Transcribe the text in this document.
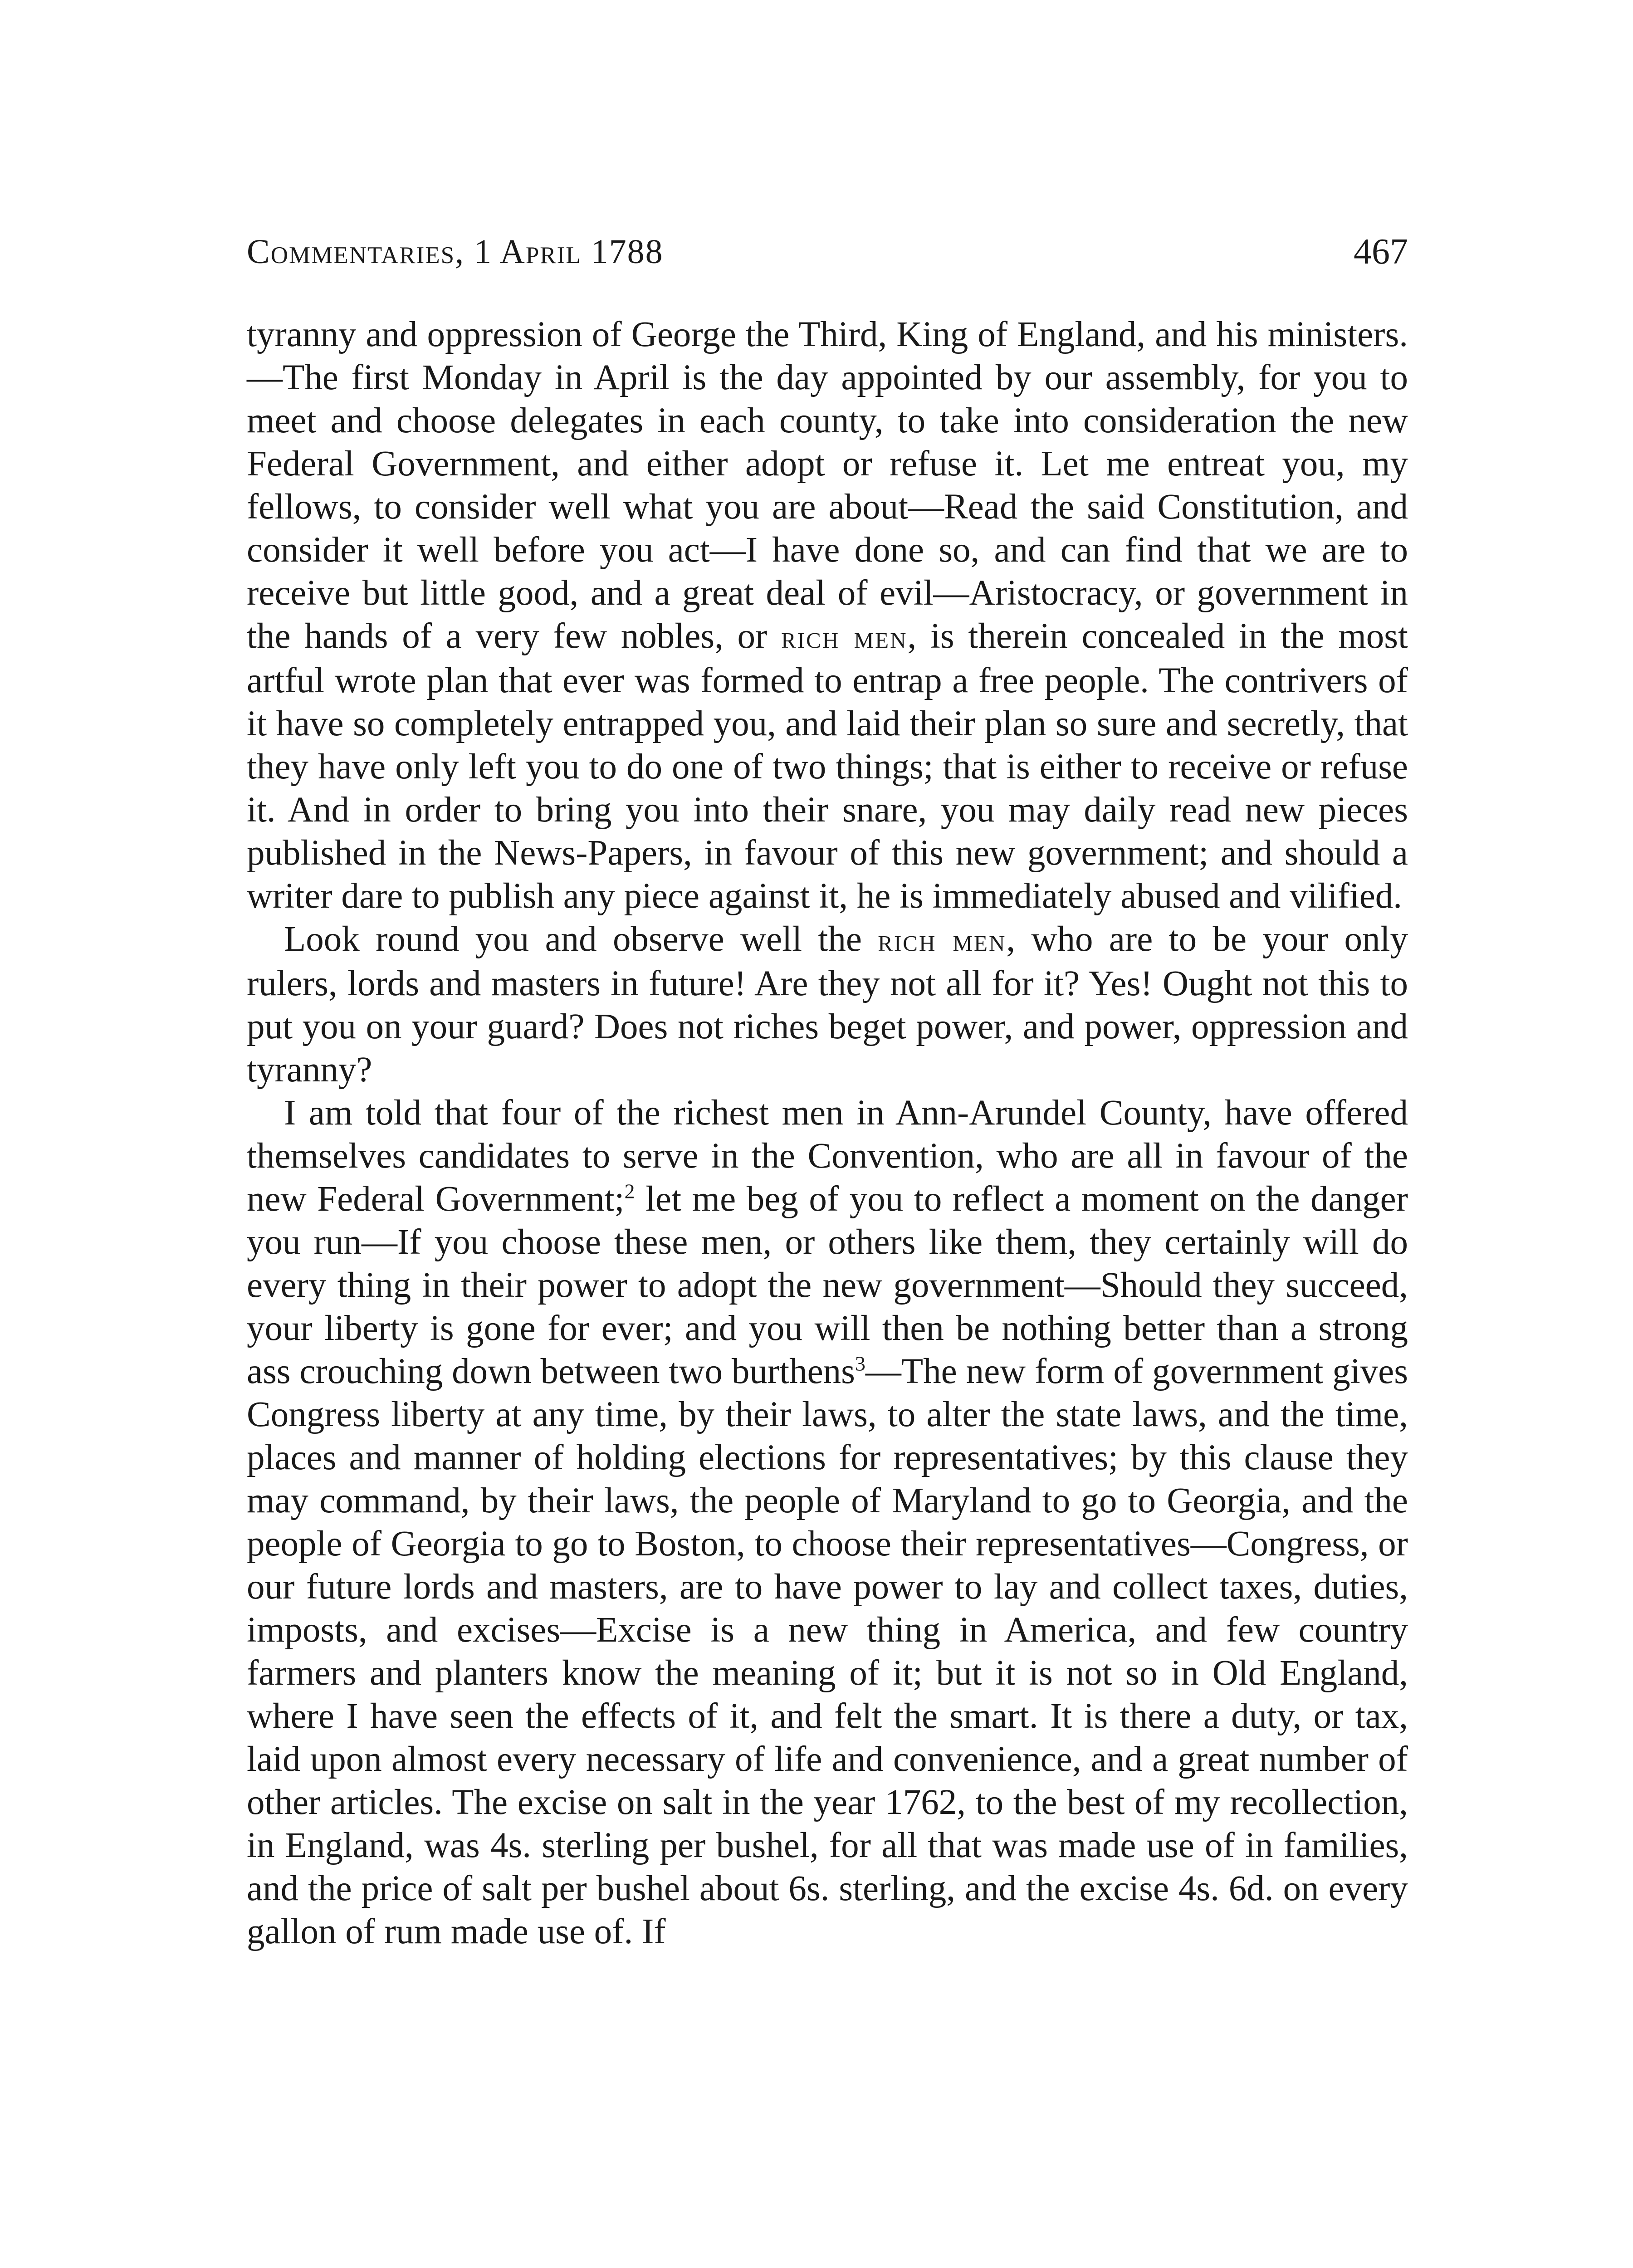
Commentaries, 1 April 1788	467

tyranny and oppression of George the Third, King of England, and his ministers.—The first Monday in April is the day appointed by our assembly, for you to meet and choose delegates in each county, to take into consideration the new Federal Government, and either adopt or refuse it. Let me entreat you, my fellows, to consider well what you are about—Read the said Constitution, and consider it well before you act—I have done so, and can find that we are to receive but little good, and a great deal of evil—Aristocracy, or government in the hands of a very few nobles, or rich men, is therein concealed in the most artful wrote plan that ever was formed to entrap a free people. The contrivers of it have so completely entrapped you, and laid their plan so sure and secretly, that they have only left you to do one of two things; that is either to receive or refuse it. And in order to bring you into their snare, you may daily read new pieces published in the News-Papers, in favour of this new government; and should a writer dare to publish any piece against it, he is immediately abused and vilified.

Look round you and observe well the rich men, who are to be your only rulers, lords and masters in future! Are they not all for it? Yes! Ought not this to put you on your guard? Does not riches beget power, and power, oppression and tyranny?

I am told that four of the richest men in Ann-Arundel County, have offered themselves candidates to serve in the Convention, who are all in favour of the new Federal Government;$^2$ let me beg of you to reflect a moment on the danger you run—If you choose these men, or others like them, they certainly will do every thing in their power to adopt the new government—Should they succeed, your liberty is gone for ever; and you will then be nothing better than a strong ass crouching down between two burthens$^3$—The new form of government gives Congress liberty at any time, by their laws, to alter the state laws, and the time, places and manner of holding elections for representatives; by this clause they may command, by their laws, the people of Maryland to go to Georgia, and the people of Georgia to go to Boston, to choose their representatives—Congress, or our future lords and masters, are to have power to lay and collect taxes, duties, imposts, and excises—Excise is a new thing in America, and few country farmers and planters know the meaning of it; but it is not so in Old England, where I have seen the effects of it, and felt the smart. It is there a duty, or tax, laid upon almost every necessary of life and convenience, and a great number of other articles. The excise on salt in the year 1762, to the best of my recollection, in England, was 4s. sterling per bushel, for all that was made use of in families, and the price of salt per bushel about 6s. sterling, and the excise 4s. 6d. on every gallon of rum made use of. If
